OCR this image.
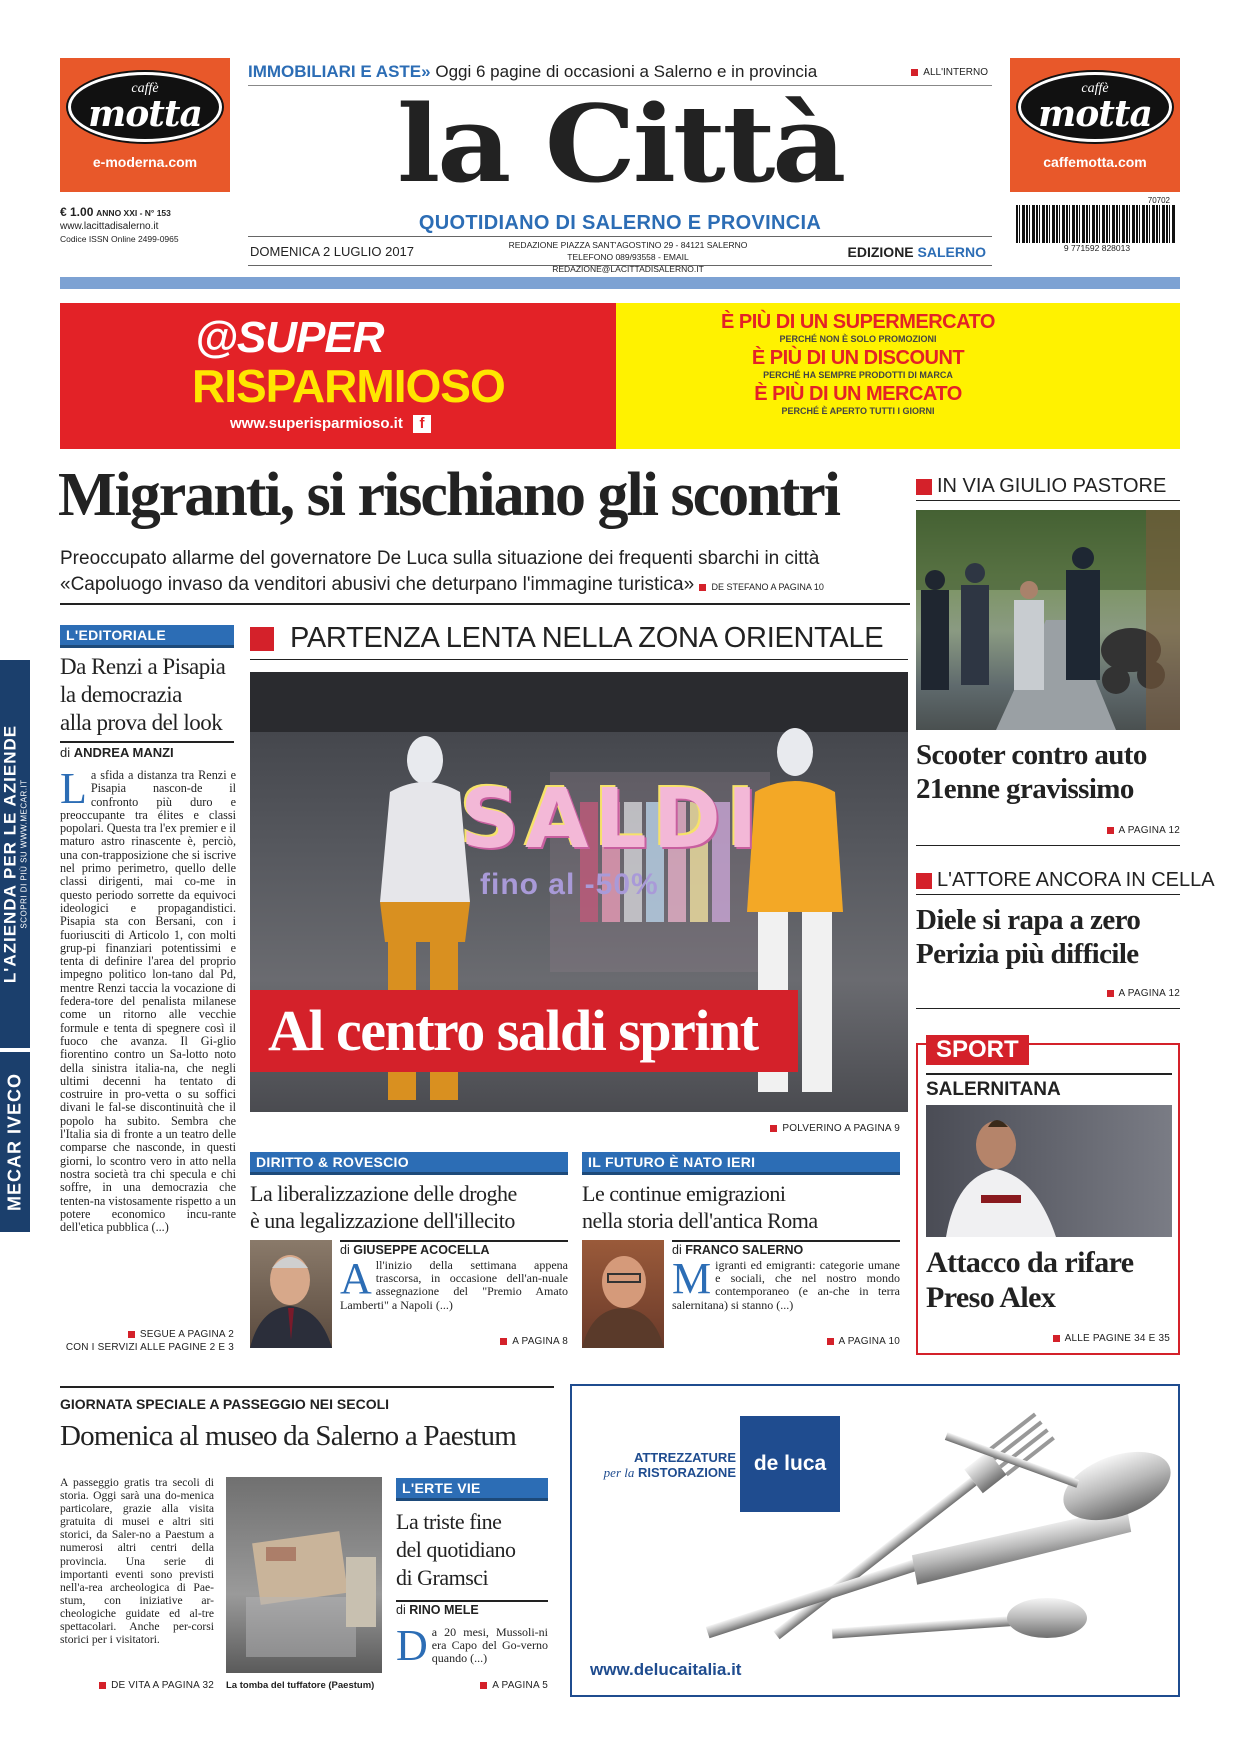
caffè
motta
e-moderna.com
caffè
motta
caffemotta.com
€ 1.00 ANNO XXI - N° 153
www.lacittadisalerno.it
Codice ISSN Online 2499-0965
IMMOBILIARI E ASTE» Oggi 6 pagine di occasioni a Salerno e in provincia	ALL'INTERNO
la Città
QUOTIDIANO DI SALERNO E PROVINCIA
DOMENICA 2 LUGLIO 2017	REDAZIONE PIAZZA SANT'AGOSTINO 29 - 84121 SALERNO
TELEFONO 089/93558 - EMAIL REDAZIONE@LACITTADISALERNO.IT
EDIZIONE SALERNO
70702
9 771592 828013
@SUPER
RISPARMIOSO
www.superisparmioso.it f
È PIÙ DI UN SUPERMERCATO
PERCHÉ NON È SOLO PROMOZIONI
È PIÙ DI UN DISCOUNT
PERCHÉ HA SEMPRE PRODOTTI DI MARCA
È PIÙ DI UN MERCATO
PERCHÉ È APERTO TUTTI I GIORNI
Migranti, si rischiano gli scontri
Preoccupato allarme del governatore De Luca sulla situazione dei frequenti sbarchi in città
«Capoluogo invaso da venditori abusivi che deturpano l'immagine turistica» DE STEFANO A PAGINA 10
IN VIA GIULIO PASTORE
Scooter contro auto
21enne gravissimo
A PAGINA 12
L'ATTORE ANCORA IN CELLA
Diele si rapa a zero
Perizia più difficile
A PAGINA 12
SPORT
SALERNITANA
Attacco da rifare
Preso Alex
ALLE PAGINE 34 E 35
L'EDITORIALE
Da Renzi a Pisapia
la democrazia
alla prova del look
di ANDREA MANZI
La sfida a distanza tra Renzi e Pisapia nascon-de il confronto più duro e preoccupante tra élites e classi popolari. Questa tra l'ex premier e il maturo astro rinascente è, perciò, una con-trapposizione che si iscrive nel primo perimetro, quello delle classi dirigenti, mai co-me in questo periodo sorrette da equivoci ideologici e propagandistici. Pisapia sta con Bersani, con i fuoriusciti di Articolo 1, con molti grup-pi finanziari potentissimi e tenta di definire l'area del proprio impegno politico lon-tano dal Pd, mentre Renzi taccia la vocazione di federa-tore del penalista milanese come un ritorno alle vecchie formule e tenta di spegnere così il fuoco che avanza. Il Gi-glio fiorentino contro un Sa-lotto noto della sinistra italia-na, che negli ultimi decenni ha tentato di costruire in pro-vetta o su soffici divani le fal-se discontinuità che il popolo ha subito. Sembra che l'Italia sia di fronte a un teatro delle comparse che nasconde, in questi giorni, lo scontro vero in atto nella nostra società tra chi specula e chi soffre, in una democrazia che tenten-na vistosamente rispetto a un potere economico incu-rante dell'etica pubblica (...)
SEGUE A PAGINA 2
CON I SERVIZI ALLE PAGINE 2 E 3
L'AZIENDA PER LE AZIENDE SCOPRI DI PIÙ SU WWW.MECAR.IT
MECAR IVECO
PARTENZA LENTA NELLA ZONA ORIENTALE
SALDI
fino al -50%
Al centro saldi sprint
POLVERINO A PAGINA 9
DIRITTO & ROVESCIO
La liberalizzazione delle droghe
è una legalizzazione dell'illecito
di GIUSEPPE ACOCELLA
All'inizio della settimana appena trascorsa, in occasione dell'an-nuale assegnazione del "Premio Amato Lamberti" a Napoli (...)
A PAGINA 8
IL FUTURO È NATO IERI
Le continue emigrazioni
nella storia dell'antica Roma
di FRANCO SALERNO
Migranti ed emigranti: categorie umane e sociali, che nel nostro mondo contemporaneo (e an-che in terra salernitana) si stanno (...)
A PAGINA 10
GIORNATA SPECIALE A PASSEGGIO NEI SECOLI
Domenica al museo da Salerno a Paestum
A passeggio gratis tra secoli di storia. Oggi sarà una do-menica particolare, grazie alla visita gratuita di musei e altri siti storici, da Saler-no a Paestum a numerosi altri centri della provincia. Una serie di importanti eventi sono previsti nell'a-rea archeologica di Pae-stum, con iniziative ar-cheologiche guidate ed al-tre spettacolari. Anche per-corsi storici per i visitatori.
La tomba del tuffatore (Paestum)
DE VITA A PAGINA 32
L'ERTE VIE
La triste fine
del quotidiano
di Gramsci
di RINO MELE
Da 20 mesi, Mussoli-ni era Capo del Go-verno quando (...)
A PAGINA 5
ATTREZZATURE
per la RISTORAZIONE de luca
www.delucaitalia.it
